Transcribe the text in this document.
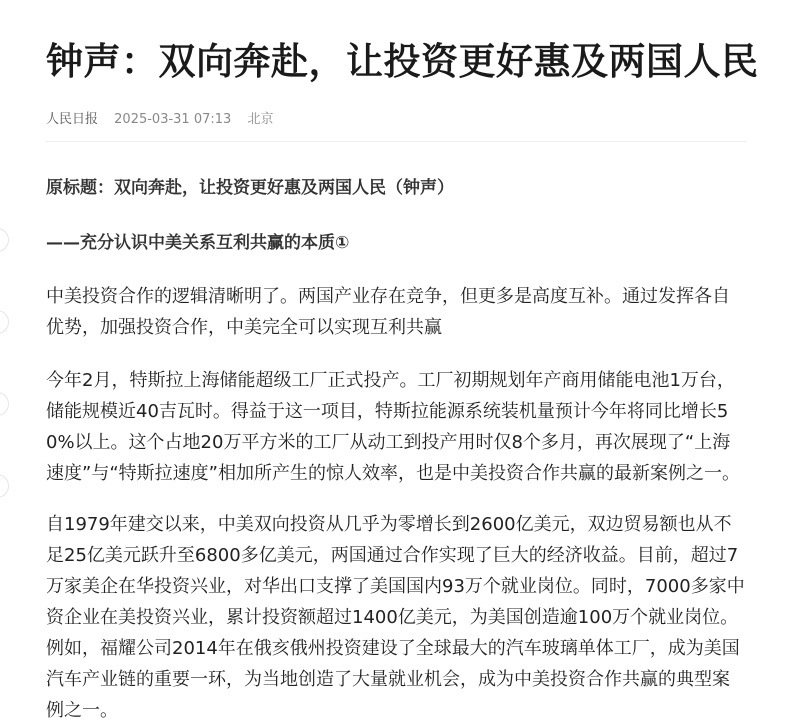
钟声：双向奔赴，让投资更好惠及两国人民
人民日报 2025-03-31 07:13 北京

原标题：双向奔赴，让投资更好惠及两国人民（钟声）

——充分认识中美关系互利共赢的本质①

中美投资合作的逻辑清晰明了。两国产业存在竞争，但更多是高度互补。通过发挥各自优势，加强投资合作，中美完全可以实现互利共赢

今年2月，特斯拉上海储能超级工厂正式投产。工厂初期规划年产商用储能电池1万台，储能规模近40吉瓦时。得益于这一项目，特斯拉能源系统装机量预计今年将同比增长50%以上。这个占地20万平方米的工厂从动工到投产用时仅8个多月，再次展现了“上海速度”与“特斯拉速度”相加所产生的惊人效率，也是中美投资合作共赢的最新案例之一。

自1979年建交以来，中美双向投资从几乎为零增长到2600亿美元，双边贸易额也从不足25亿美元跃升至6800多亿美元，两国通过合作实现了巨大的经济收益。目前，超过7万家美企在华投资兴业，对华出口支撑了美国国内93万个就业岗位。同时，7000多家中资企业在美投资兴业，累计投资额超过1400亿美元，为美国创造逾100万个就业岗位。例如，福耀公司2014年在俄亥俄州投资建设了全球最大的汽车玻璃单体工厂，成为美国汽车产业链的重要一环，为当地创造了大量就业机会，成为中美投资合作共赢的典型案例之一。
